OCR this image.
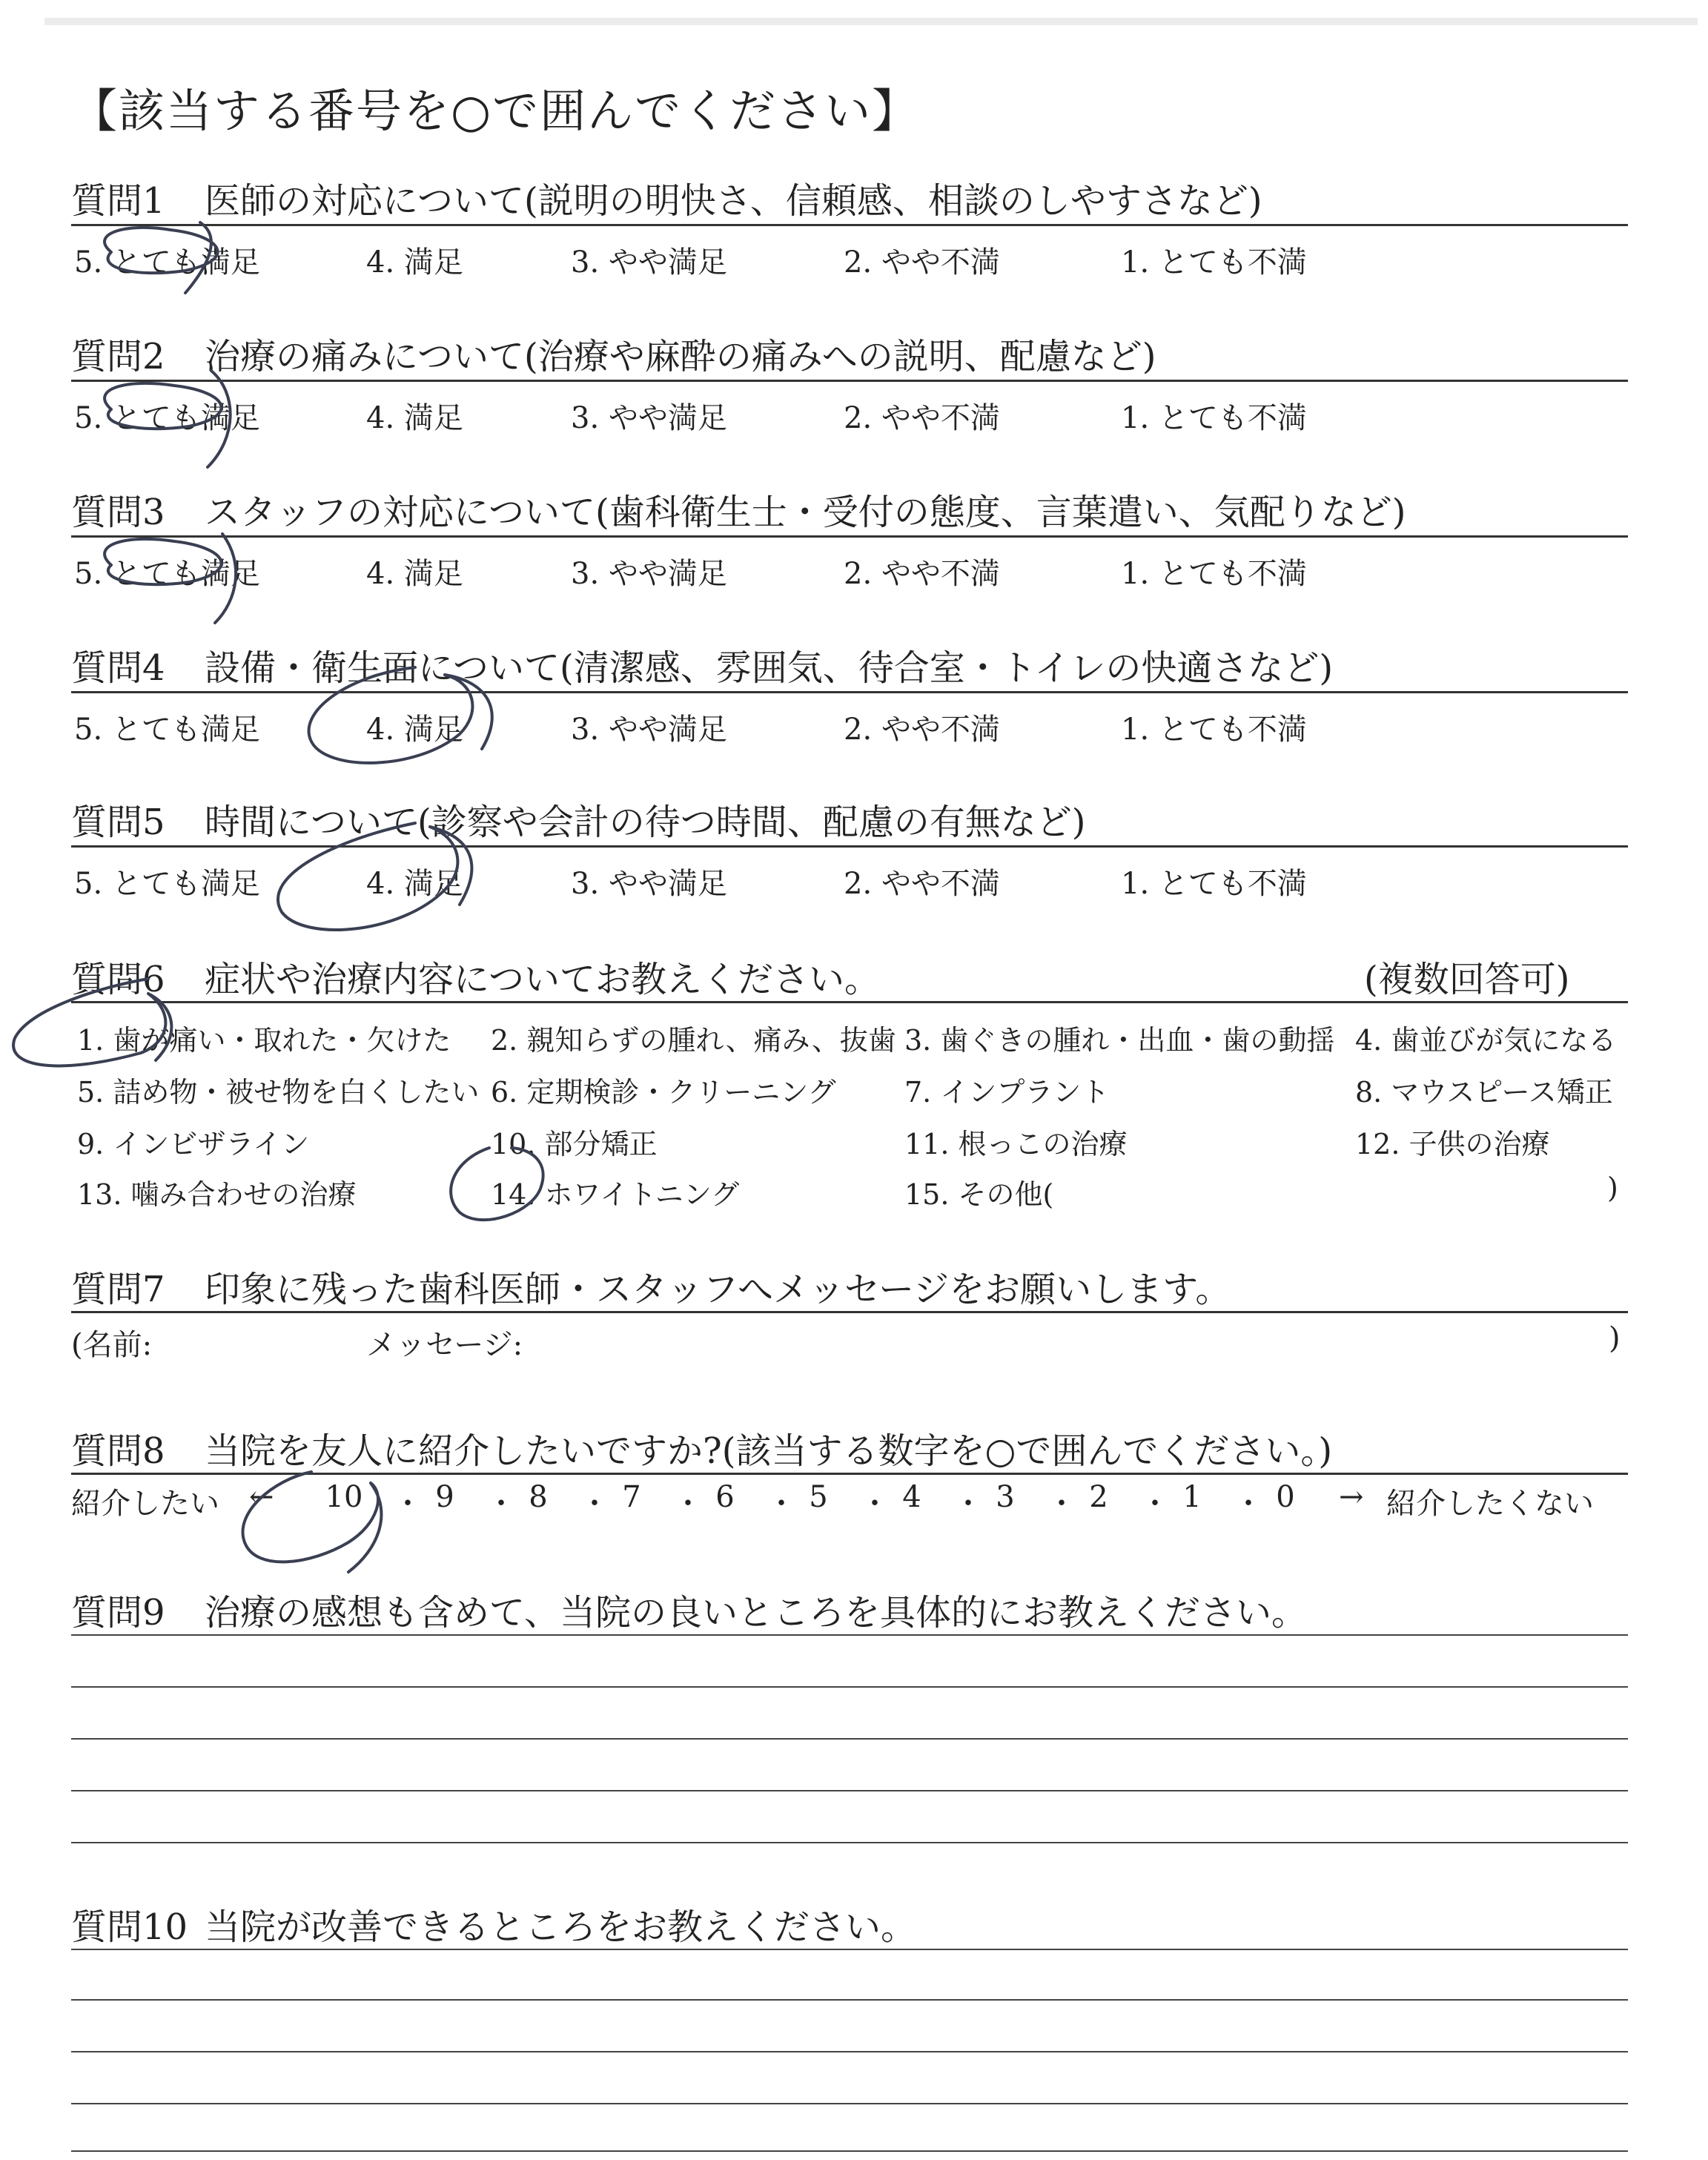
【該当する番号を○で囲んでください】
質問1 医師の対応について(説明の明快さ、信頼感、相談のしやすさなど)
5. とても満足	4. 満足	3. やや満足	2. やや不満	1. とても不満
質問2 治療の痛みについて(治療や麻酔の痛みへの説明、配慮など)
5. とても満足	4. 満足	3. やや満足	2. やや不満	1. とても不満
質問3 スタッフの対応について(歯科衛生士・受付の態度、言葉遣い、気配りなど)
5. とても満足	4. 満足	3. やや満足	2. やや不満	1. とても不満
質問4 設備・衛生面について(清潔感、雰囲気、待合室・トイレの快適さなど)
5. とても満足	4. 満足	3. やや満足	2. やや不満	1. とても不満
質問5 時間について(診察や会計の待つ時間、配慮の有無など)
5. とても満足	4. 満足	3. やや満足	2. やや不満	1. とても不満
質問6 症状や治療内容についてお教えください。	(複数回答可)
1. 歯が痛い・取れた・欠けた 2. 親知らずの腫れ、痛み、抜歯 3. 歯ぐきの腫れ・出血・歯の動揺 4. 歯並びが気になる
5. 詰め物・被せ物を白くしたい 6. 定期検診・クリーニング 7. インプラント	8. マウスピース矯正
9. インビザライン	10. 部分矯正	11. 根っこの治療	12. 子供の治療
13. 噛み合わせの治療	14. ホワイトニング	15. その他(	)
質問7 印象に残った歯科医師・スタッフへメッセージをお願いします。
(名前:	メッセージ:	)
質問8 当院を友人に紹介したいですか?(該当する数字を○で囲んでください。)
紹介したい ← 10 ・ 9	・ 8	・ 7	・ 6	・ 5	・ 4	・ 3	・ 2	・ 1	・ 0	→ 紹介したくない
質問9 治療の感想も含めて、当院の良いところを具体的にお教えください。
質問10 当院が改善できるところをお教えください。
